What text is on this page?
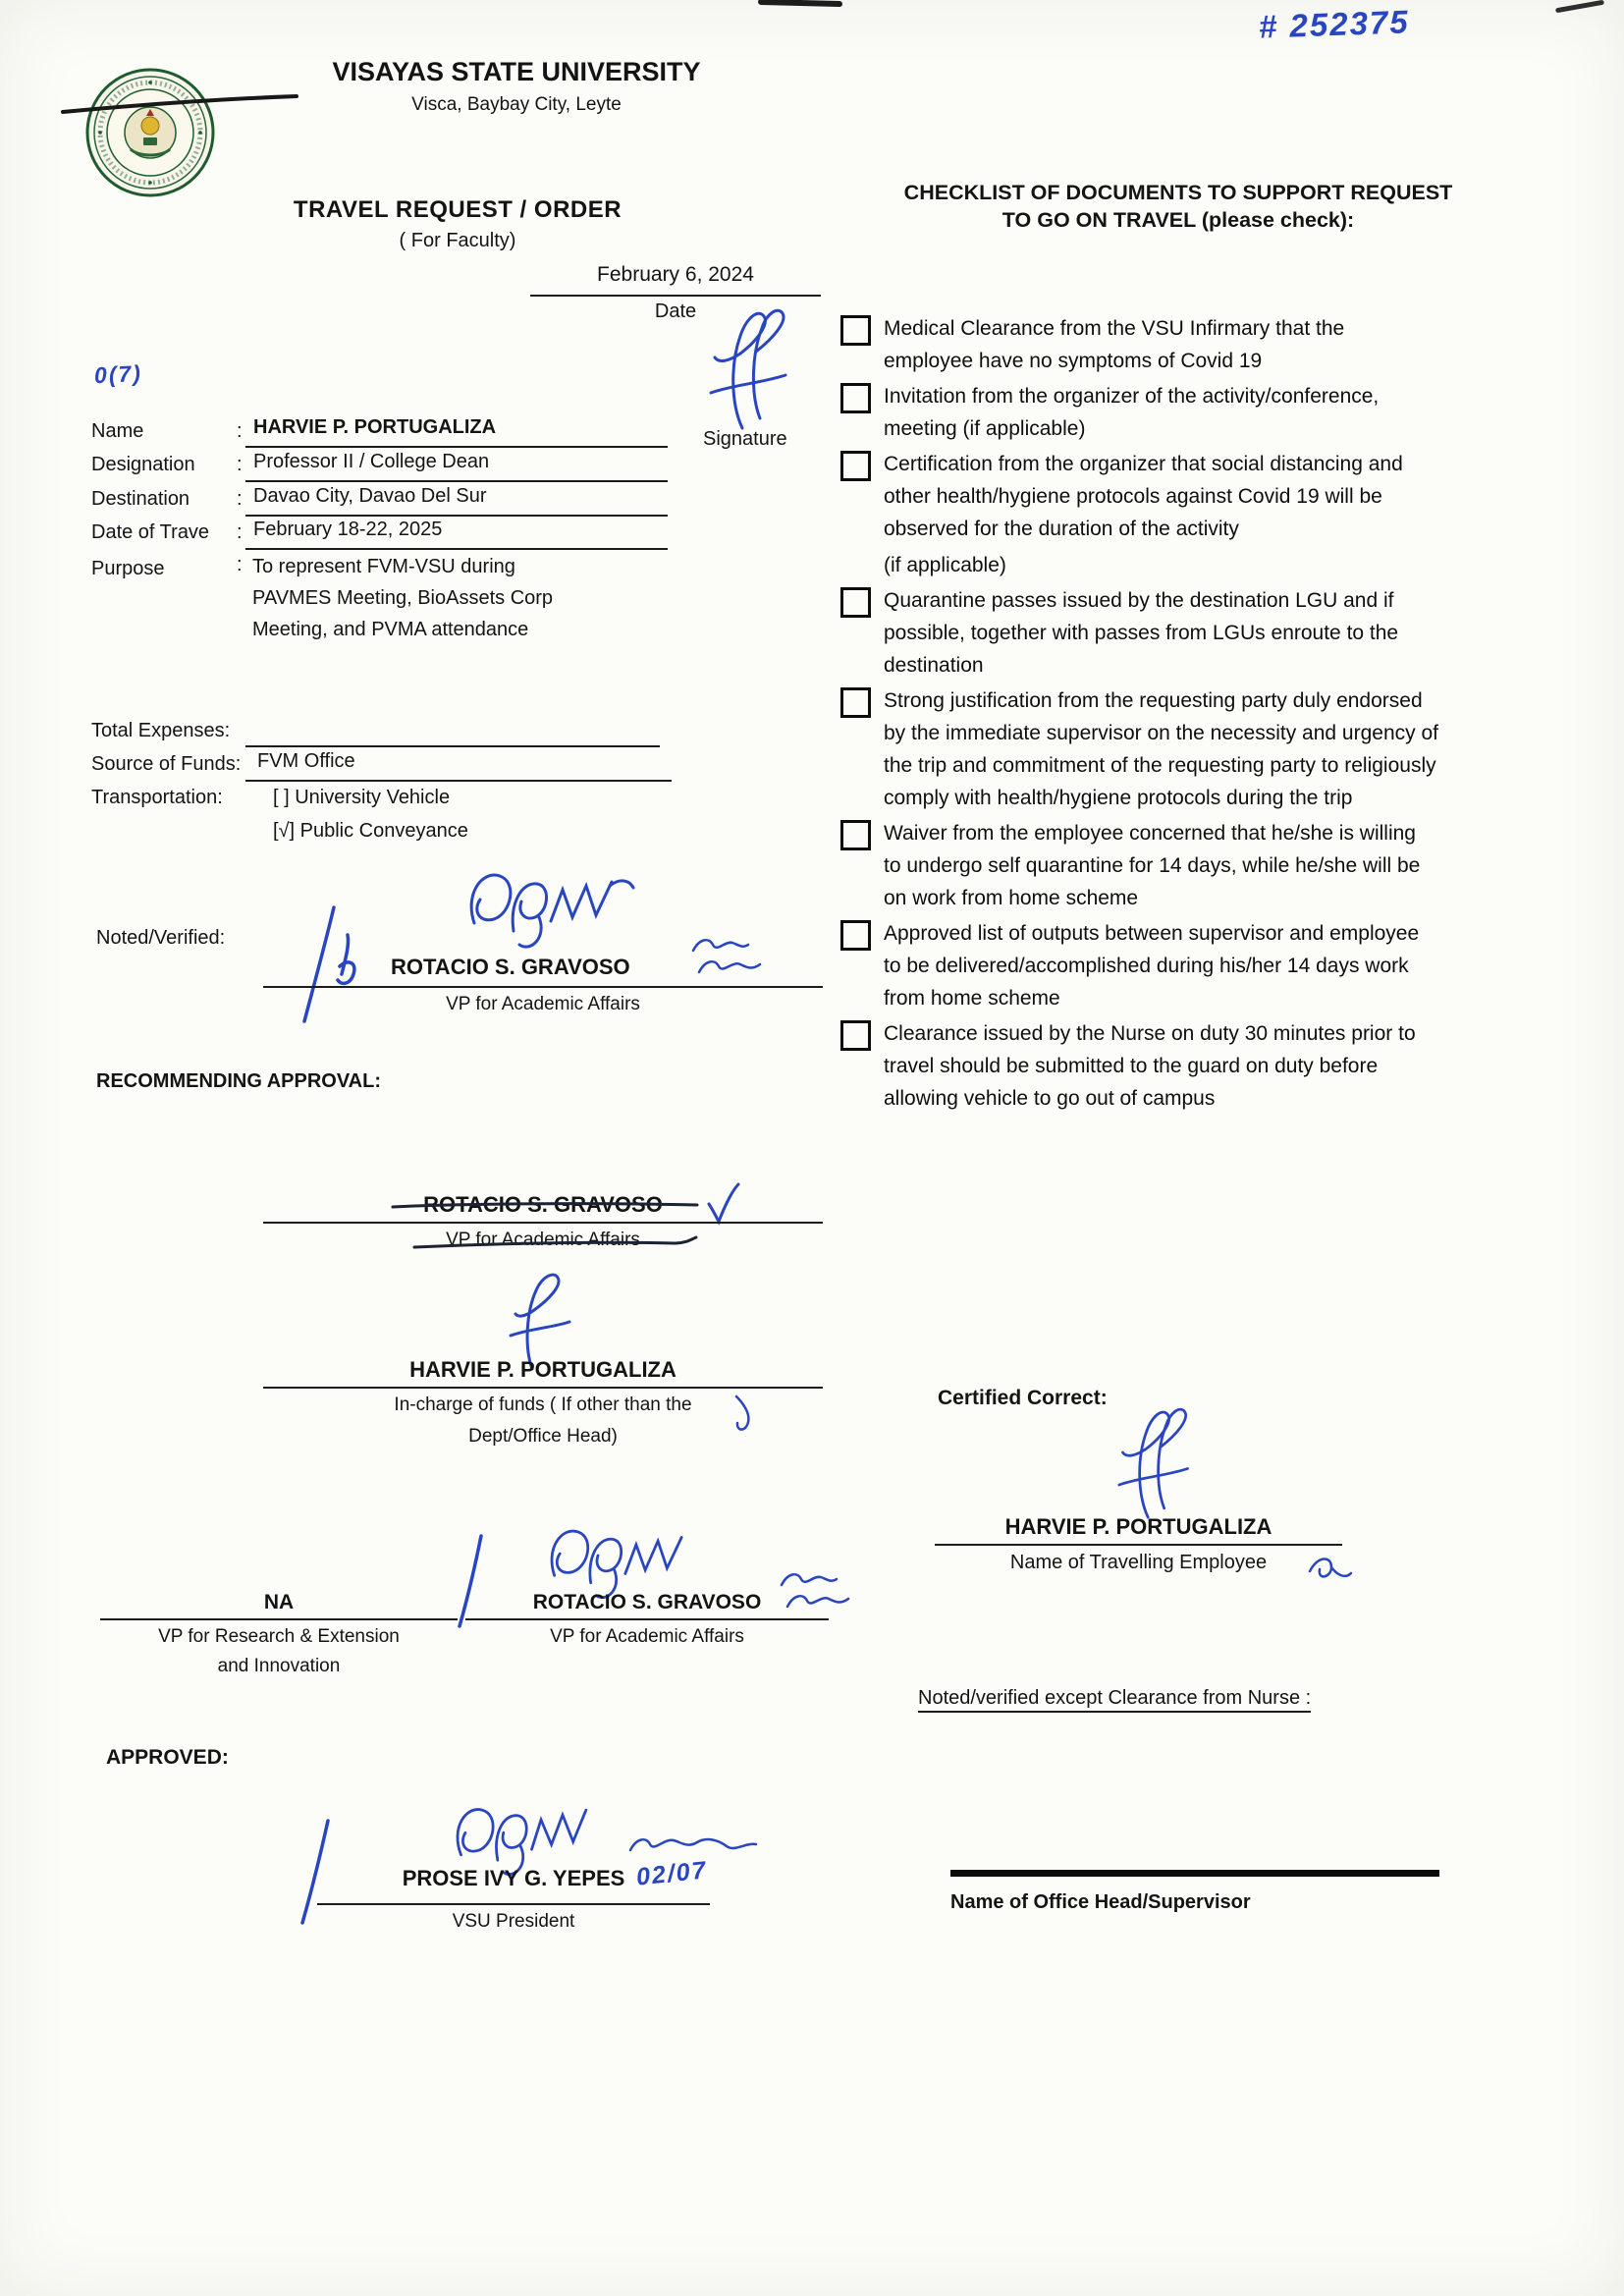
# 252375
VISAYAS STATE UNIVERSITY
Visca, Baybay City, Leyte
TRAVEL REQUEST / ORDER
( For Faculty)
February 6, 2024
Date
0(7)
Name	: HARVIE P. PORTUGALIZA
Designation : Professor II / College Dean
Destination : Davao City, Davao Del Sur
Date of Trave : February 18-22, 2025
Purpose	: To represent FVM-VSU during
PAVMES Meeting, BioAssets Corp
Meeting, and PVMA attendance
Signature
Total Expenses:
Source of Funds: FVM Office
Transportation:	[ ] University Vehicle
[√] Public Conveyance
Noted/Verified:
ROTACIO S. GRAVOSO
VP for Academic Affairs
RECOMMENDING APPROVAL:
ROTACIO S. GRAVOSO
VP for Academic Affairs
HARVIE P. PORTUGALIZA
In-charge of funds ( If other than the
Dept/Office Head)
NA
VP for Research & Extension
and Innovation
ROTACIO S. GRAVOSO
VP for Academic Affairs
APPROVED:
PROSE IVY G. YEPES 02/07
VSU President
CHECKLIST OF DOCUMENTS TO SUPPORT REQUEST
TO GO ON TRAVEL (please check):
Medical Clearance from the VSU Infirmary that the employee have no symptoms of Covid 19
Invitation from the organizer of the activity/conference, meeting (if applicable)
Certification from the organizer that social distancing and other health/hygiene protocols against Covid 19 will be observed for the duration of the activity
(if applicable)
Quarantine passes issued by the destination LGU and if possible, together with passes from LGUs enroute to the destination
Strong justification from the requesting party duly endorsed by the immediate supervisor on the necessity and urgency of the trip and commitment of the requesting party to religiously comply with health/hygiene protocols during the trip
Waiver from the employee concerned that he/she is willing to undergo self quarantine for 14 days, while he/she will be on work from home scheme
Approved list of outputs between supervisor and employee to be delivered/accomplished during his/her 14 days work from home scheme
Clearance issued by the Nurse on duty 30 minutes prior to travel should be submitted to the guard on duty before allowing vehicle to go out of campus
Certified Correct:
HARVIE P. PORTUGALIZA
Name of Travelling Employee
Noted/verified except Clearance from Nurse :
Name of Office Head/Supervisor
